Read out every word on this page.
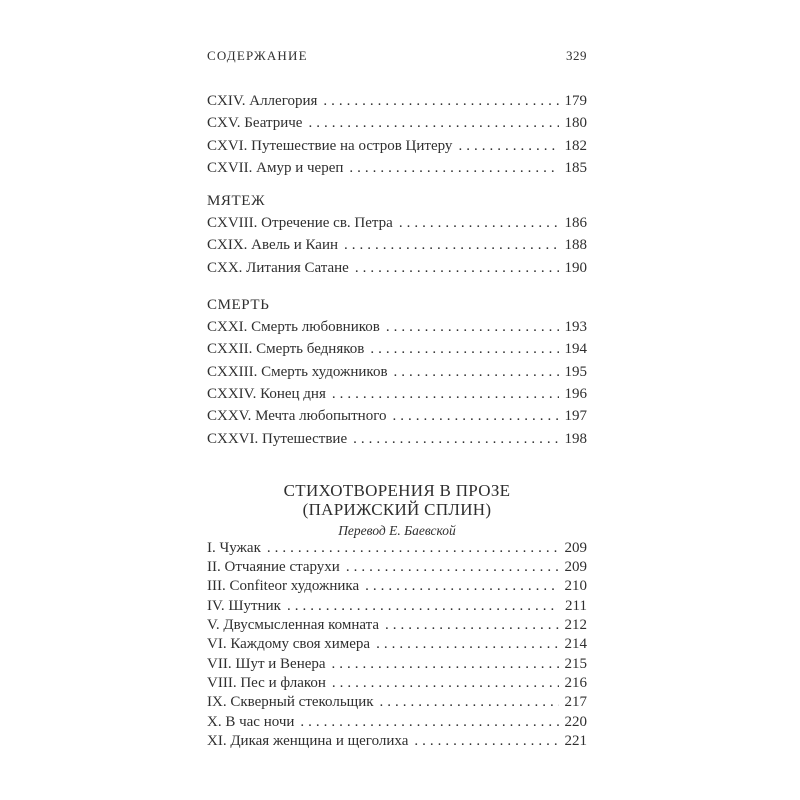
СОДЕРЖАНИЕ	329
CXIV. Аллегория .....	179
CXV. Беатриче .....	180
CXVI. Путешествие на остров Цитеру .....	182
CXVII. Амур и череп .....	185
МЯТЕЖ
CXVIII. Отречение св. Петра .....	186
CXIX. Авель и Каин .....	188
CXX. Литания Сатане .....	190
СМЕРТЬ
CXXI. Смерть любовников .....	193
CXXII. Смерть бедняков .....	194
CXXIII. Смерть художников .....	195
CXXIV. Конец дня .....	196
CXXV. Мечта любопытного .....	197
CXXVI. Путешествие .....	198
СТИХОТВОРЕНИЯ В ПРОЗЕ
(ПАРИЖСКИЙ СПЛИН)
Перевод Е. Баевской
I. Чужак .....	209
II. Отчаяние старухи .....	209
III. Confiteor художника .....	210
IV. Шутник .....	211
V. Двусмысленная комната .....	212
VI. Каждому своя химера .....	214
VII. Шут и Венера .....	215
VIII. Пес и флакон .....	216
IX. Скверный стекольщик .....	217
X. В час ночи .....	220
XI. Дикая женщина и щеголиха .....	221
